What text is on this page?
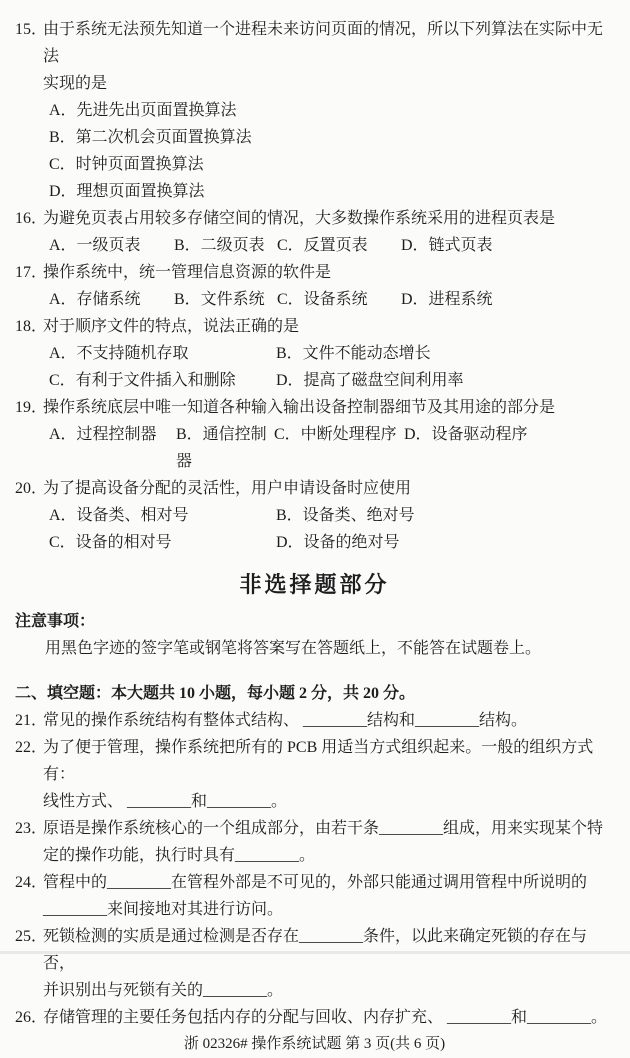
15．
由于系统无法预先知道一个进程未来访问页面的情况，所以下列算法在实际中无法
实现的是
A．先进先出页面置换算法
B．第二次机会页面置换算法
C．时钟页面置换算法
D．理想页面置换算法
16．
为避免页表占用较多存储空间的情况，大多数操作系统采用的进程页表是
A．一级页表	B．二级页表 C．反置页表	D．链式页表
17．
操作系统中，统一管理信息资源的软件是
A．存储系统	B．文件系统 C．设备系统	D．进程系统
18．
对于顺序文件的特点，说法正确的是
A．不支持随机存取	B．文件不能动态增长
C．有利于文件插入和删除	D．提高了磁盘空间利用率
19．
操作系统底层中唯一知道各种输入输出设备控制器细节及其用途的部分是
A．过程控制器	B．通信控制器
C．中断处理程序 D．设备驱动程序
20．
为了提高设备分配的灵活性，用户申请设备时应使用
A．设备类、相对号	B．设备类、绝对号
C．设备的相对号	D．设备的绝对号
非选择题部分
注意事项：
用黑色字迹的签字笔或钢笔将答案写在答题纸上，不能答在试题卷上。
二、填空题：本大题共 10 小题，每小题 2 分，共 20 分。
21．
常见的操作系统结构有整体式结构、 ________结构和________结构。
22．
为了便于管理，操作系统把所有的 PCB 用适当方式组织起来。一般的组织方式有：
线性方式、 ________和________。
23．
原语是操作系统核心的一个组成部分，由若干条________组成，用来实现某个特
定的操作功能，执行时具有________。
24．
管程中的________在管程外部是不可见的，外部只能通过调用管程中所说明的
________来间接地对其进行访问。
25．
死锁检测的实质是通过检测是否存在________条件，以此来确定死锁的存在与否，
并识别出与死锁有关的________。
26．
存储管理的主要任务包括内存的分配与回收、内存扩充、 ________和________。
浙 02326# 操作系统试题 第 3 页(共 6 页)
